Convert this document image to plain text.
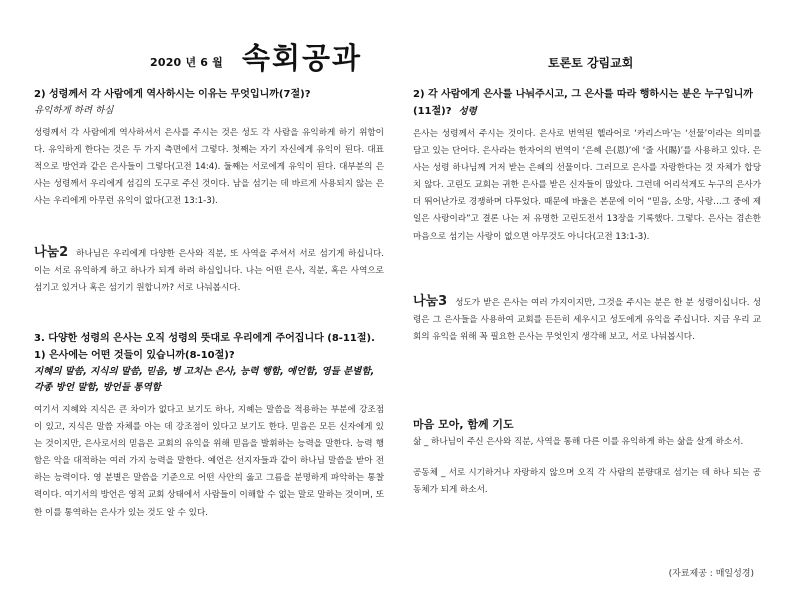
2020 년 6 월 속회공과	토론토 강림교회
2) 성령께서 각 사람에게 역사하시는 이유는 무엇입니까(7절)?
유익하게 하려 하심
성령께서 각 사람에게 역사하셔서 은사를 주시는 것은 성도 각 사람을 유익하게 하기 위함이다. 유익하게 한다는 것은 두 가지 측면에서 그렇다. 첫째는 자기 자신에게 유익이 된다. 대표적으로 방언과 같은 은사들이 그렇다(고전 14:4). 둘째는 서로에게 유익이 된다. 대부분의 은사는 성령께서 우리에게 섬김의 도구로 주신 것이다. 남을 섬기는 데 바르게 사용되지 않는 은사는 우리에게 아무런 유익이 없다(고전 13:1-3).
나눔2 하나님은 우리에게 다양한 은사와 직분, 또 사역을 주셔서 서로 섬기게 하십니다. 이는 서로 유익하게 하고 하나가 되게 하려 하심입니다. 나는 어떤 은사, 직분, 혹은 사역으로 섬기고 있거나 혹은 섬기기 원합니까? 서로 나눠봅시다.
3. 다양한 성령의 은사는 오직 성령의 뜻대로 우리에게 주어집니다 (8-11절).
1) 은사에는 어떤 것들이 있습니까(8-10절)?
지혜의 말씀, 지식의 말씀, 믿음, 병 고치는 은사, 능력 행함, 예언함, 영들 분별함, 각종 방언 말함, 방언들 통역함
여기서 지혜와 지식은 큰 차이가 없다고 보기도 하나, 지혜는 말씀을 적용하는 부분에 강조점이 있고, 지식은 말씀 자체를 아는 데 강조점이 있다고 보기도 한다. 믿음은 모든 신자에게 있는 것이지만, 은사로서의 믿음은 교회의 유익을 위해 믿음을 발휘하는 능력을 말한다. 능력 행함은 악을 대적하는 여러 가지 능력을 말한다. 예언은 선지자들과 같이 하나님 말씀을 받아 전하는 능력이다. 영 분별은 말씀을 기준으로 어떤 사안의 옳고 그름을 분명하게 파악하는 통찰력이다. 여기서의 방언은 영적 교회 상태에서 사람들이 이해할 수 없는 말로 말하는 것이며, 또한 이를 통역하는 은사가 있는 것도 알 수 있다.
2) 각 사람에게 은사를 나눠주시고, 그 은사를 따라 행하시는 분은 누구입니까(11절)? 성령
은사는 성령께서 주시는 것이다. 은사로 번역된 헬라어로 ‘카리스마’는 ‘선물’이라는 의미를 담고 있는 단어다. 은사라는 한자어의 번역이 ‘은혜 은(恩)’에 ‘줄 사(賜)’를 사용하고 있다. 은사는 성령 하나님께 거저 받는 은혜의 선물이다. 그러므로 은사를 자랑한다는 것 자체가 합당치 않다. 고린도 교회는 귀한 은사를 받은 신자들이 많았다. 그런데 어리석게도 누구의 은사가 더 뛰어난가로 경쟁하며 다투었다. 때문에 바울은 본문에 이어 “믿음, 소망, 사랑…그 중에 제일은 사랑이라”고 결론 나는 저 유명한 고린도전서 13장을 기록했다. 그렇다. 은사는 겸손한 마음으로 섬기는 사랑이 없으면 아무것도 아니다(고전 13:1-3).
나눔3 성도가 받은 은사는 여러 가지이지만, 그것을 주시는 분은 한 분 성령이십니다. 성령은 그 은사들을 사용하여 교회를 든든히 세우시고 성도에게 유익을 주십니다. 지금 우리 교회의 유익을 위해 꼭 필요한 은사는 무엇인지 생각해 보고, 서로 나눠봅시다.
마음 모아, 함께 기도
삶 _ 하나님이 주신 은사와 직분, 사역을 통해 다른 이를 유익하게 하는 삶을 살게 하소서.
공동체 _ 서로 시기하거나 자랑하지 않으며 오직 각 사람의 분량대로 섬기는 데 하나 되는 공동체가 되게 하소서.
(자료제공 : 매일성경)
